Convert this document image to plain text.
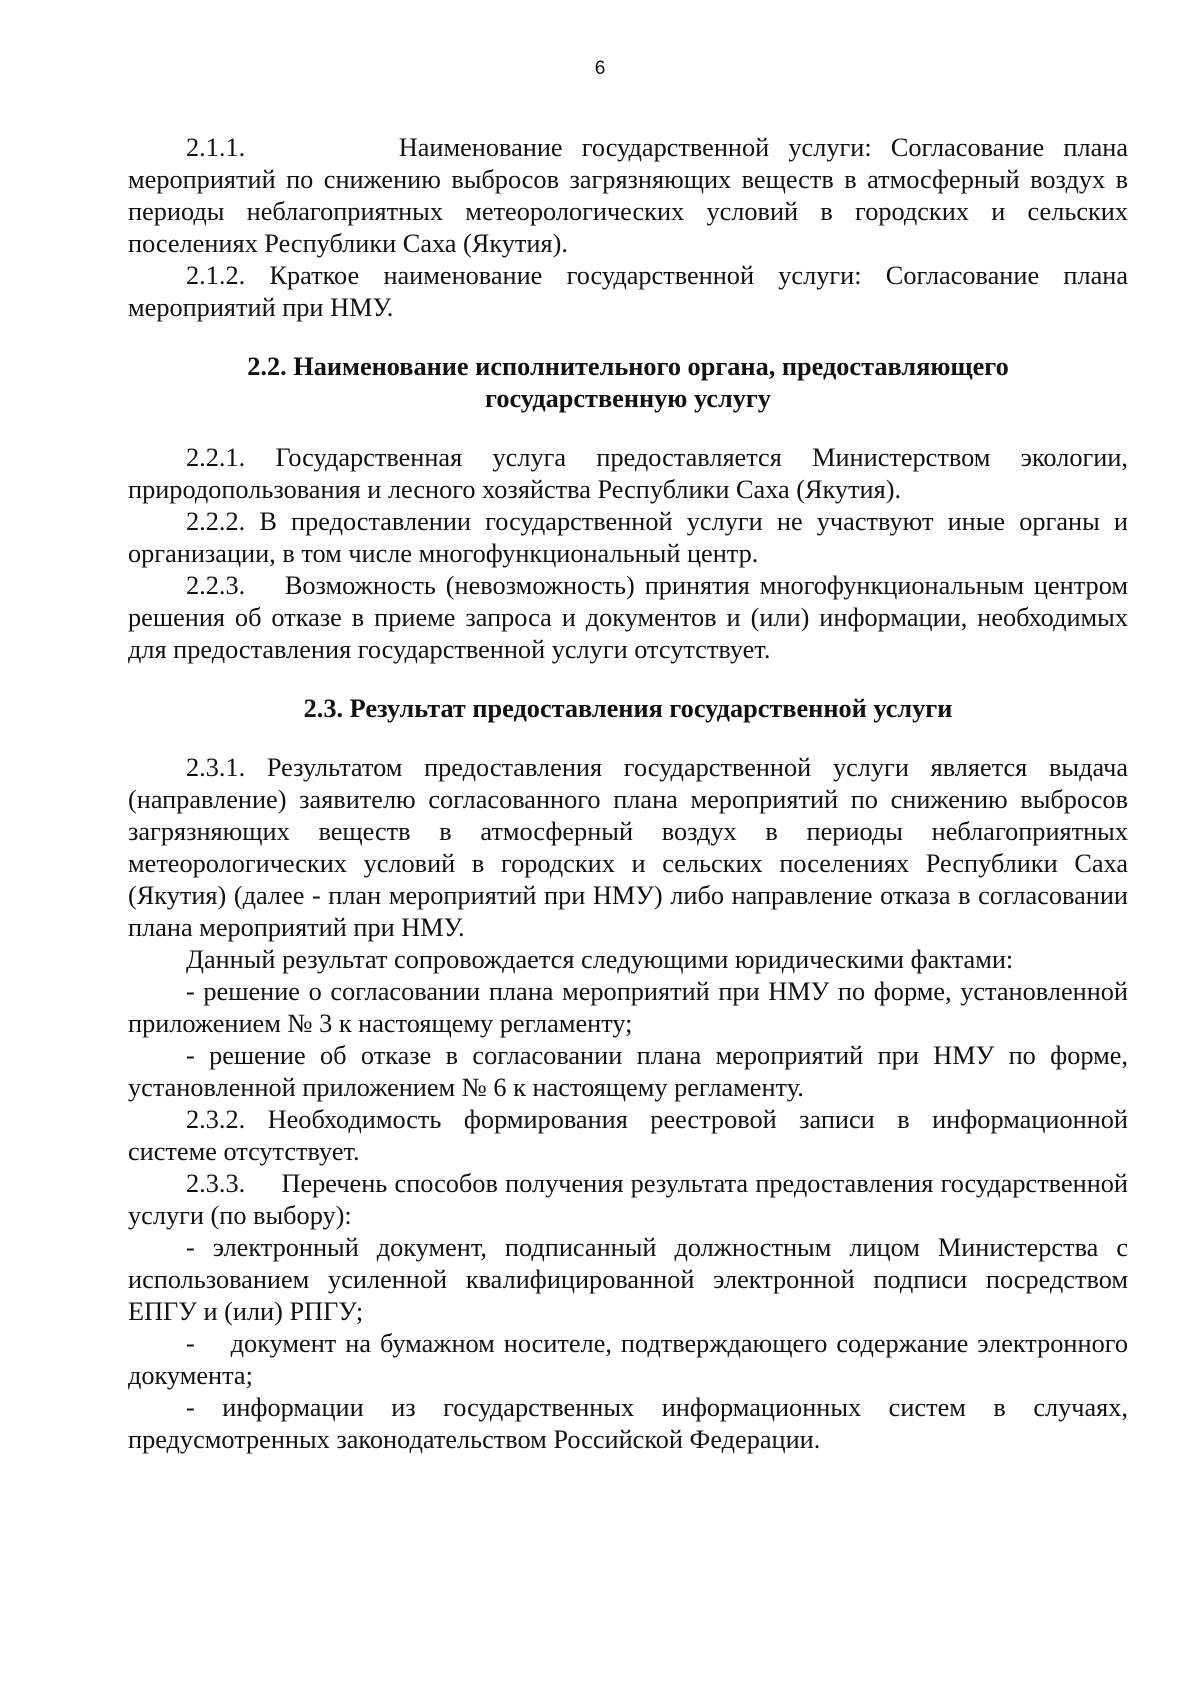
6

2.1.1.        Наименование государственной услуги: Согласование плана мероприятий по снижению выбросов загрязняющих веществ в атмосферный воздух в периоды неблагоприятных метеорологических условий в городских и сельских поселениях Республики Саха (Якутия).

2.1.2. Краткое наименование государственной услуги: Согласование плана мероприятий при НМУ.

2.2. Наименование исполнительного органа, предоставляющего
государственную услугу

2.2.1. Государственная услуга предоставляется Министерством экологии, природопользования и лесного хозяйства Республики Саха (Якутия).

2.2.2. В предоставлении государственной услуги не участвуют иные органы и организации, в том числе многофункциональный центр.

2.2.3.    Возможность (невозможность) принятия многофункциональным центром решения об отказе в приеме запроса и документов и (или) информации, необходимых для предоставления государственной услуги отсутствует.

2.3. Результат предоставления государственной услуги

2.3.1. Результатом предоставления государственной услуги является выдача (направление) заявителю согласованного плана мероприятий по снижению выбросов загрязняющих веществ в атмосферный воздух в периоды неблагоприятных метеорологических условий в городских и сельских поселениях Республики Саха (Якутия) (далее - план мероприятий при НМУ) либо направление отказа в согласовании плана мероприятий при НМУ.

Данный результат сопровождается следующими юридическими фактами:

- решение о согласовании плана мероприятий при НМУ по форме, установленной приложением № 3 к настоящему регламенту;

- решение об отказе в согласовании плана мероприятий при НМУ по форме, установленной приложением № 6 к настоящему регламенту.

2.3.2. Необходимость формирования реестровой записи в информационной системе отсутствует.

2.3.3.     Перечень способов получения результата предоставления государственной услуги (по выбору):

- электронный документ, подписанный должностным лицом Министерства с использованием усиленной квалифицированной электронной подписи посредством ЕПГУ и (или) РПГУ;

-    документ на бумажном носителе, подтверждающего содержание электронного документа;

- информации из государственных информационных систем в случаях, предусмотренных законодательством Российской Федерации.
